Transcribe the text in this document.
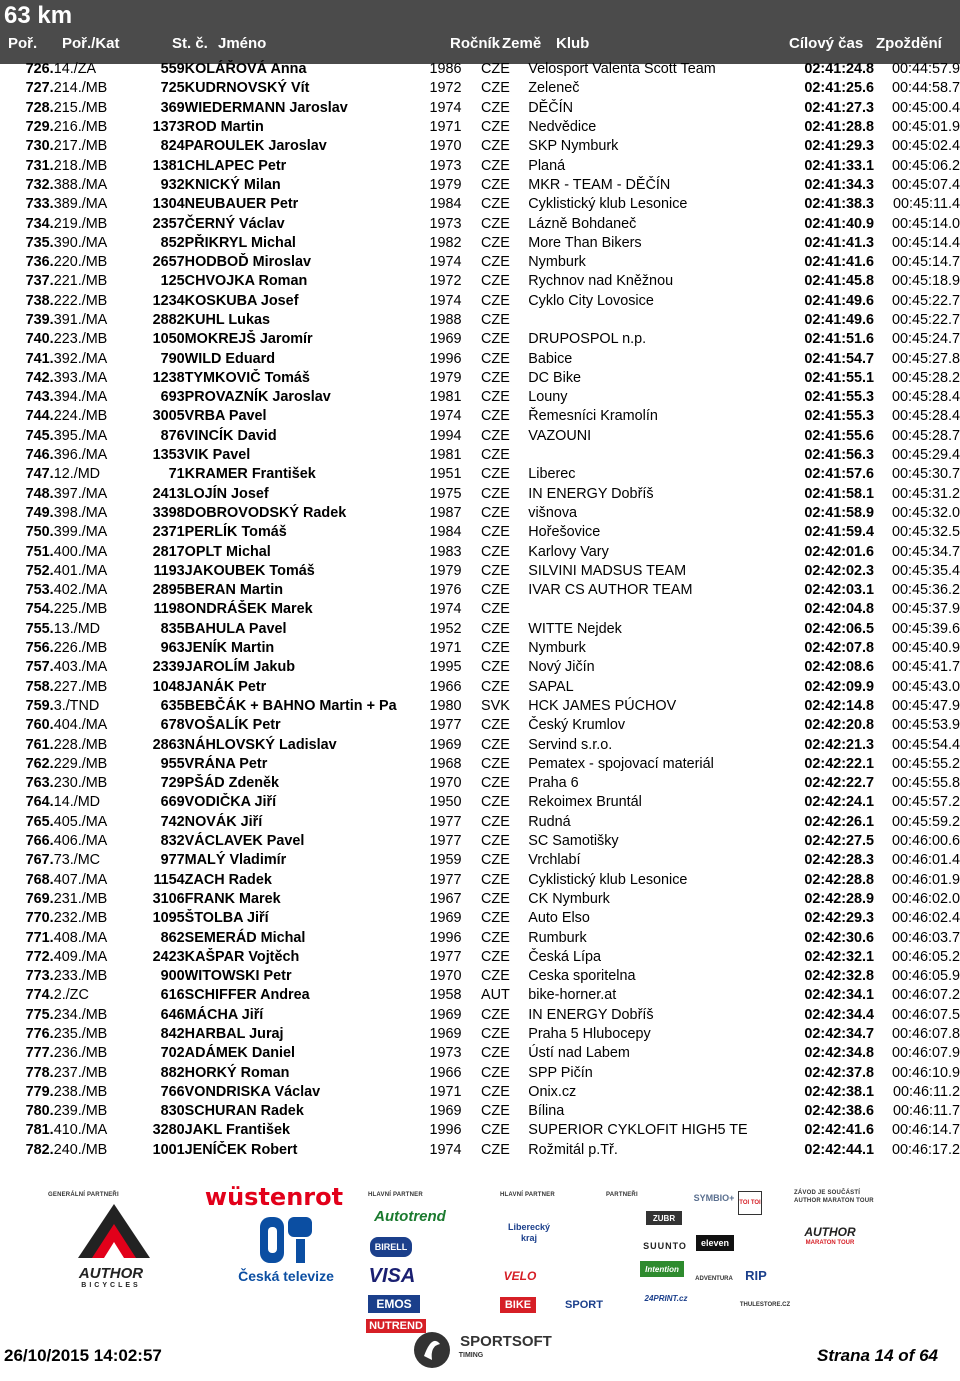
63 km
Poř. Poř./Kat	St. č. Jméno	Ročník Země Klub	Cílový čas Zpoždění
726.	14./ZA	559	KOLÁŘOVÁ Anna	1986	CZE	Velosport Valenta Scott Team	02:41:24.8	00:44:57.9
727.	214./MB	725	KUDRNOVSKÝ Vít	1972	CZE	Zeleneč	02:41:25.6	00:44:58.7
728.	215./MB	369	WIEDERMANN Jaroslav	1974	CZE	DĚČÍN	02:41:27.3	00:45:00.4
729.	216./MB	1373	ROD Martin	1971	CZE	Nedvědice	02:41:28.8	00:45:01.9
730.	217./MB	824	PAROULEK Jaroslav	1970	CZE	SKP Nymburk	02:41:29.3	00:45:02.4
731.	218./MB	1381	CHLAPEC Petr	1973	CZE	Planá	02:41:33.1	00:45:06.2
732.	388./MA	932	KNICKÝ Milan	1979	CZE	MKR - TEAM - DĚČÍN	02:41:34.3	00:45:07.4
733.	389./MA	1304	NEUBAUER Petr	1984	CZE	Cyklistický klub Lesonice	02:41:38.3	00:45:11.4
734.	219./MB	2357	ČERNÝ Václav	1973	CZE	Lázně Bohdaneč	02:41:40.9	00:45:14.0
735.	390./MA	852	PŘIKRYL Michal	1982	CZE	More Than Bikers	02:41:41.3	00:45:14.4
736.	220./MB	2657	HODBOĎ Miroslav	1974	CZE	Nymburk	02:41:41.6	00:45:14.7
737.	221./MB	125	CHVOJKA Roman	1972	CZE	Rychnov nad Kněžnou	02:41:45.8	00:45:18.9
738.	222./MB	1234	KOSKUBA Josef	1974	CZE	Cyklo City Lovosice	02:41:49.6	00:45:22.7
739.	391./MA	2882	KUHL Lukas	1988	CZE		02:41:49.6	00:45:22.7
740.	223./MB	1050	MOKREJŠ Jaromír	1969	CZE	DRUPOSPOL n.p.	02:41:51.6	00:45:24.7
741.	392./MA	790	WILD Eduard	1996	CZE	Babice	02:41:54.7	00:45:27.8
742.	393./MA	1238	TYMKOVIČ Tomáš	1979	CZE	DC Bike	02:41:55.1	00:45:28.2
743.	394./MA	693	PROVAZNÍK Jaroslav	1981	CZE	Louny	02:41:55.3	00:45:28.4
744.	224./MB	3005	VRBA Pavel	1974	CZE	Řemesníci Kramolín	02:41:55.3	00:45:28.4
745.	395./MA	876	VINCÍK David	1994	CZE	VAZOUNI	02:41:55.6	00:45:28.7
746.	396./MA	1353	VIK Pavel	1981	CZE		02:41:56.3	00:45:29.4
747.	12./MD	71	KRAMER František	1951	CZE	Liberec	02:41:57.6	00:45:30.7
748.	397./MA	2413	LOJÍN Josef	1975	CZE	IN ENERGY Dobříš	02:41:58.1	00:45:31.2
749.	398./MA	3398	DOBROVODSKÝ Radek	1987	CZE	višnova	02:41:58.9	00:45:32.0
750.	399./MA	2371	PERLÍK Tomáš	1984	CZE	Hořešovice	02:41:59.4	00:45:32.5
751.	400./MA	2817	OPLT Michal	1983	CZE	Karlovy Vary	02:42:01.6	00:45:34.7
752.	401./MA	1193	JAKOUBEK Tomáš	1979	CZE	SILVINI MADSUS TEAM	02:42:02.3	00:45:35.4
753.	402./MA	2895	BERAN Martin	1976	CZE	IVAR CS AUTHOR TEAM	02:42:03.1	00:45:36.2
754.	225./MB	1198	ONDRÁŠEK Marek	1974	CZE		02:42:04.8	00:45:37.9
755.	13./MD	835	BAHULA Pavel	1952	CZE	WITTE Nejdek	02:42:06.5	00:45:39.6
756.	226./MB	963	JENÍK Martin	1971	CZE	Nymburk	02:42:07.8	00:45:40.9
757.	403./MA	2339	JAROLÍM Jakub	1995	CZE	Nový Jičín	02:42:08.6	00:45:41.7
758.	227./MB	1048	JANÁK Petr	1966	CZE	SAPAL	02:42:09.9	00:45:43.0
759.	3./TND	635	BEBČÁK + BAHNO Martin + Pa	1980	SVK	HCK JAMES PÚCHOV	02:42:14.8	00:45:47.9
760.	404./MA	678	VOŠALÍK Petr	1977	CZE	Český Krumlov	02:42:20.8	00:45:53.9
761.	228./MB	2863	NÁHLOVSKÝ Ladislav	1969	CZE	Servind s.r.o.	02:42:21.3	00:45:54.4
762.	229./MB	955	VRÁNA Petr	1968	CZE	Pematex - spojovací materiál	02:42:22.1	00:45:55.2
763.	230./MB	729	PŠÁD Zdeněk	1970	CZE	Praha 6	02:42:22.7	00:45:55.8
764.	14./MD	669	VODIČKA Jiří	1950	CZE	Rekoimex Bruntál	02:42:24.1	00:45:57.2
765.	405./MA	742	NOVÁK Jiří	1977	CZE	Rudná	02:42:26.1	00:45:59.2
766.	406./MA	832	VÁCLAVEK Pavel	1977	CZE	SC Samotišky	02:42:27.5	00:46:00.6
767.	73./MC	977	MALÝ Vladimír	1959	CZE	Vrchlabí	02:42:28.3	00:46:01.4
768.	407./MA	1154	ZACH Radek	1977	CZE	Cyklistický klub Lesonice	02:42:28.8	00:46:01.9
769.	231./MB	3106	FRANK Marek	1967	CZE	CK Nymburk	02:42:28.9	00:46:02.0
770.	232./MB	1095	ŠTOLBA Jiří	1969	CZE	Auto Elso	02:42:29.3	00:46:02.4
771.	408./MA	862	SEMERÁD Michal	1996	CZE	Rumburk	02:42:30.6	00:46:03.7
772.	409./MA	2423	KAŠPAR Vojtěch	1977	CZE	Česká Lípa	02:42:32.1	00:46:05.2
773.	233./MB	900	WITOWSKI Petr	1970	CZE	Ceska sporitelna	02:42:32.8	00:46:05.9
774.	2./ZC	616	SCHIFFER Andrea	1958	AUT	bike-horner.at	02:42:34.1	00:46:07.2
775.	234./MB	646	MÁCHA Jiří	1969	CZE	IN ENERGY Dobříš	02:42:34.4	00:46:07.5
776.	235./MB	842	HARBAL Juraj	1969	CZE	Praha 5 Hlubocepy	02:42:34.7	00:46:07.8
777.	236./MB	702	ADÁMEK Daniel	1973	CZE	Ústí nad Labem	02:42:34.8	00:46:07.9
778.	237./MB	882	HORKÝ Roman	1966	CZE	SPP Pičín	02:42:37.8	00:46:10.9
779.	238./MB	766	VONDRISKA Václav	1971	CZE	Onix.cz	02:42:38.1	00:46:11.2
780.	239./MB	830	SCHURAN Radek	1969	CZE	Bílina	02:42:38.6	00:46:11.7
781.	410./MA	3280	JAKL František	1996	CZE	SUPERIOR CYKLOFIT HIGH5 TE	02:42:41.6	00:46:14.7
782.	240./MB	1001	JENÍČEK Robert	1974	CZE	Rožmitál p.Tř.	02:42:44.1	00:46:17.2
GENERÁLNÍ PARTNEŘI	wüstenrot
AUTHOR
BICYCLES
Česká televize
HLAVNÍ PARTNER
Autotrend
BIRELL
VISA
EMOS
NUTREND
HLAVNÍ PARTNER
Liberecký kraj
PARTNEŘI
VELO
BIKE	SPORT
SYMBIO+ TOI TOI
ZUBR
SUUNTO	eleven
Intention
ADVENTURA RIP
24PRINT.cz
THULESTORE.CZ
ZÁVOD JE SOUČÁSTÍ AUTHOR MARATON TOUR
AUTHOR
MARATON TOUR
26/10/2015 14:02:57
SPORTSOFT
TIMING	Strana 14 of 64
